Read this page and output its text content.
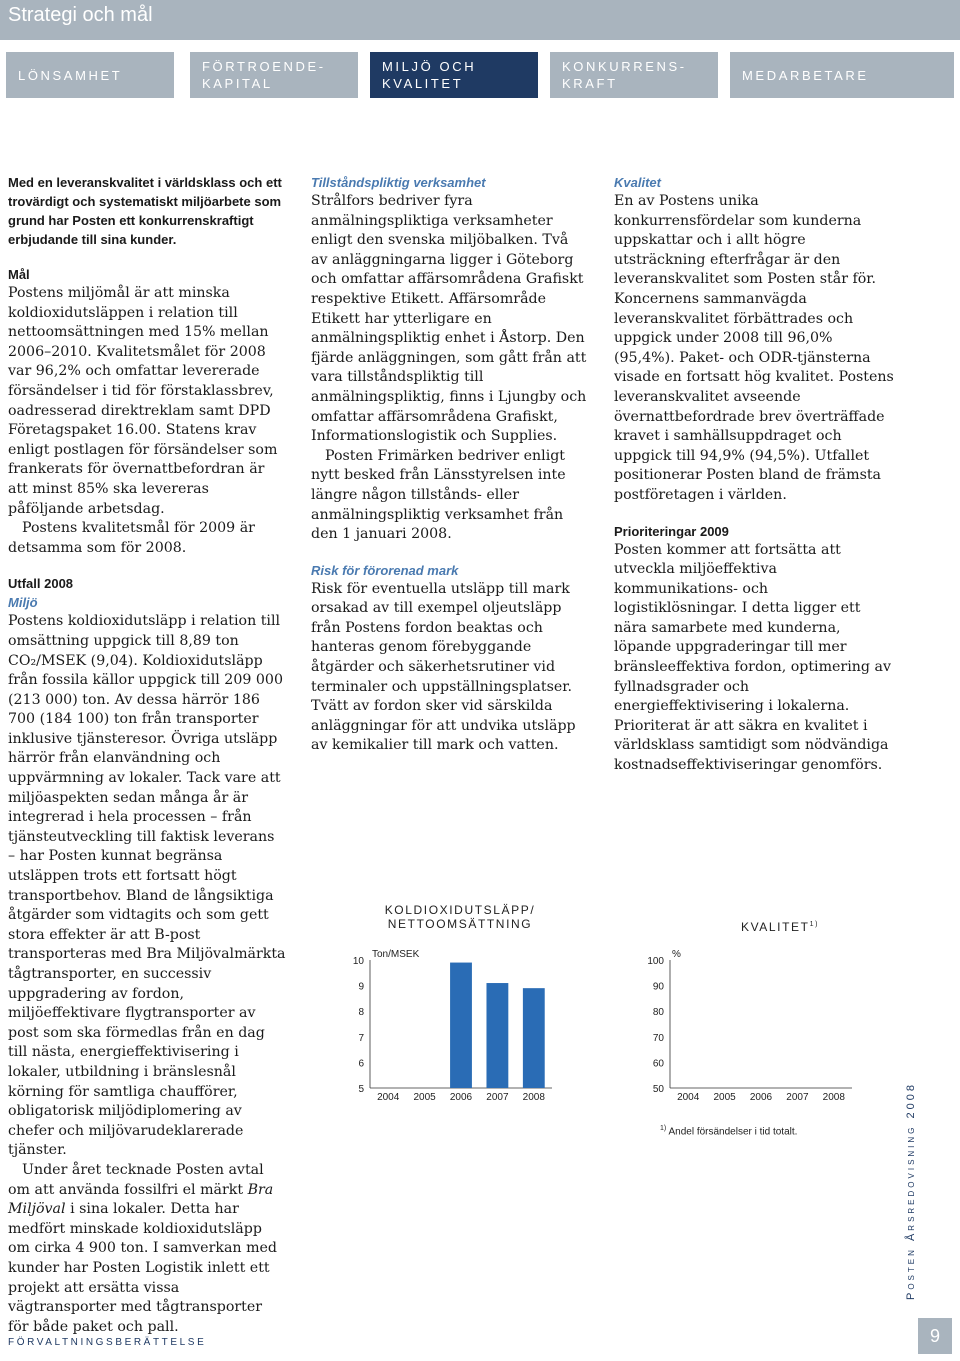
Strategi och mål
LÖNSAMHET
FÖRTROENDE-
KAPITAL
MILJÖ OCH
KVALITET
KONKURRENS-
KRAFT
MEDARBETARE

Med en leveranskvalitet i världsklass och ett trovärdigt och systematiskt miljöarbete som grund har Posten ett konkurrenskraftigt erbjudande till sina kunder.

Mål

Postens miljömål är att minska koldioxidutsläppen i relation till nettoomsättningen med 15% mellan 2006–2010. Kvalitetsmålet för 2008 var 96,2% och omfattar levererade försändelser i tid för förstaklassbrev, oadresserad direktreklam samt DPD Företagspaket 16.00. Statens krav enligt postlagen för försändelser som frankerats för övernattbefordran är att minst 85% ska levereras påföljande arbetsdag.

Postens kvalitetsmål för 2009 är detsamma som för 2008.

Utfall 2008

Miljö

Postens koldioxidutsläpp i relation till omsättning uppgick till 8,89 ton CO₂/MSEK (9,04). Koldioxidutsläpp från fossila källor uppgick till 209 000 (213 000) ton. Av dessa härrör 186 700 (184 100) ton från transporter inklusive tjänsteresor. Övriga utsläpp härrör från elanvändning och uppvärmning av lokaler. Tack vare att miljöaspekten sedan många år är integrerad i hela processen – från tjänsteutveckling till faktisk leverans – har Posten kunnat begränsa utsläppen trots ett fortsatt högt transportbehov. Bland de långsiktiga åtgärder som vidtagits och som gett stora effekter är att B-post transporteras med Bra Miljövalmärkta tågtransporter, en successiv uppgradering av fordon, miljöeffektivare flygtransporter av post som ska förmedlas från en dag till nästa, energieffektivisering i lokaler, utbildning i bränslesnål körning för samtliga chaufförer, obligatorisk miljödiplomering av chefer och miljövarudeklarerade tjänster.

Under året tecknade Posten avtal om att använda fossilfri el märkt Bra Miljöval i sina lokaler. Detta har medfört minskade koldioxidutsläpp om cirka 4 900 ton. I samverkan med kunder har Posten Logistik inlett ett projekt att ersätta vissa vägtransporter med tågtransporter för både paket och pall.

Tillståndspliktig verksamhet

Strålfors bedriver fyra anmälningspliktiga verksamheter enligt den svenska miljöbalken. Två av anläggningarna ligger i Göteborg och omfattar affärsområdena Grafiskt respektive Etikett. Affärsområde Etikett har ytterligare en anmälningspliktig enhet i Åstorp. Den fjärde anläggningen, som gått från att vara tillståndspliktig till anmälningspliktig, finns i Ljungby och omfattar affärsområdena Grafiskt, Informationslogistik och Supplies.

Posten Frimärken bedriver enligt nytt besked från Länsstyrelsen inte längre någon tillstånds- eller anmälningspliktig verksamhet från den 1 januari 2008.

Risk för förorenad mark

Risk för eventuella utsläpp till mark orsakad av till exempel oljeutsläpp från Postens fordon beaktas och hanteras genom förebyggande åtgärder och säkerhetsrutiner vid terminaler och uppställningsplatser. Tvätt av fordon sker vid särskilda anläggningar för att undvika utsläpp av kemikalier till mark och vatten.

Kvalitet

En av Postens unika konkurrensfördelar som kunderna uppskattar och i allt högre utsträckning efterfrågar är den leveranskvalitet som Posten står för. Koncernens sammanvägda leveranskvalitet förbättrades och uppgick under 2008 till 96,0% (95,4%). Paket- och ODR-tjänsterna visade en fortsatt hög kvalitet. Postens leveranskvalitet avseende övernattbefordrade brev överträffade kravet i samhällsuppdraget och uppgick till 94,9% (94,5%). Utfallet positionerar Posten bland de främsta postföretagen i världen.

Prioriteringar 2009

Posten kommer att fortsätta att utveckla miljöeffektiva kommunikations- och logistiklösningar. I detta ligger ett nära samarbete med kunderna, löpande uppgraderingar till mer bränsleeffektiva fordon, optimering av fyllnadsgrader och energieffektivisering i lokalerna. Prioriterat är att säkra en kvalitet i världsklass samtidigt som nödvändiga kostnadseffektiviseringar genomförs.

KOLDIOXIDUTSLÄPP/
NETTOOMSÄTTNING
Ton/MSEK
5
6
7
8
9
10
2004 2005 2006 2007 2008
KVALITET$^{1)}$
%
50
60
70
80
90
100
2004 2005 2006 2007 2008
$^{1)}$ Andel försändelser i tid totalt.
FÖRVALTNINGSBERÄTTELSE
Posten Årsredovisning 2008
9
